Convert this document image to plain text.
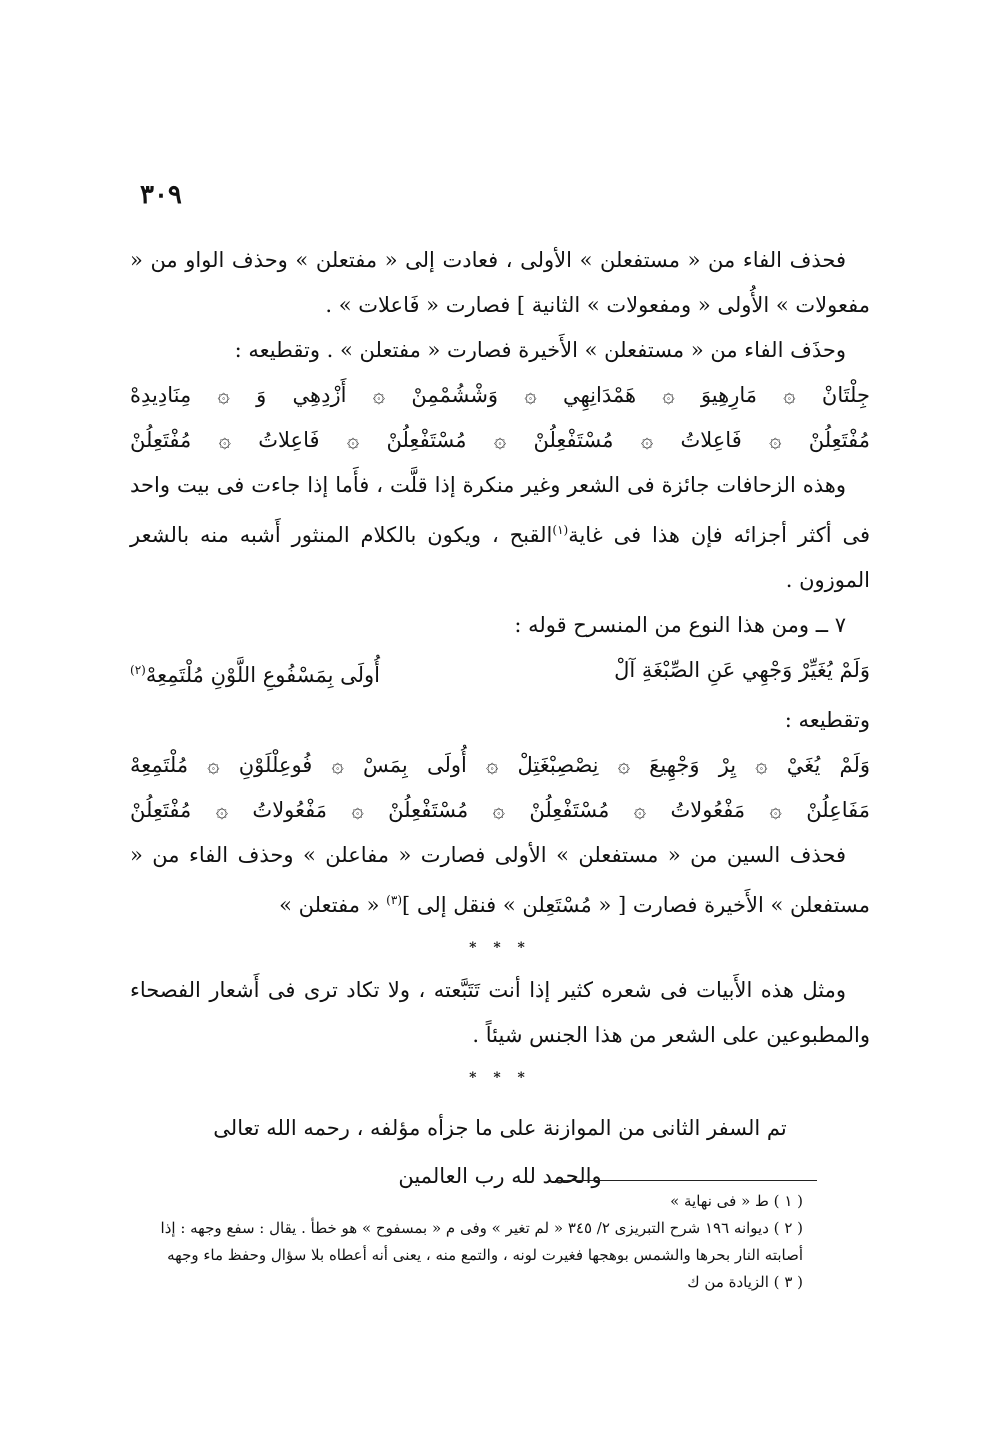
٣٠٩

فحذف الفاء من « مستفعلن » الأولى ، فعادت إلى « مفتعلن » وحذف الواو من « مفعولات » الأُولى « ومفعولات » الثانية ] فصارت « فَاعلات » .

وحذَف الفاء من « مستفعلن » الأَخيرة فصارت « مفتعلن » . وتقطيعه :

جِلْتَانْ ۞ مَارِهِيوَ ۞ هَمْدَانِهِي ۞ وَشْشُمْمِنْ ۞ أَزْدِهِي وَ ۞ مِنَادِيدِهْ
مُفْتَعِلُنْ ۞ فَاعِلاتُ ۞ مُسْتَفْعِلُنْ ۞ مُسْتَفْعِلُنْ ۞ فَاعِلاتُ ۞ مُفْتَعِلُنْ

وهذه الزحافات جائزة فى الشعر وغير منكرة إذا قلَّت ، فأَما إذا جاءت فى بيت واحد فى أكثر أجزائه فإن هذا فى غاية$^{(١)}$القبح ، ويكون بالكلام المنثور أَشبه منه بالشعر الموزون .

٧ ــ ومن هذا النوع من المنسرح قوله :

وَلَمْ يُغَيِّرْ وَجْهِي عَنِ الصِّبْغَةِ آلْ
أُولَى بِمَسْفُوعِ اللَّوْنِ مُلْتَمِعِهْ$^{(٢)}$

وتقطيعه :

وَلَمْ يُغَيْ ۞ يِرْ وَجْهِيعَ ۞ نِصْصِبْغَتِلْ ۞ أُولَى بِمَسْ ۞ فُوعِلْلَوْنِ ۞ مُلْتَمِعِهْ
مَفَاعِلُنْ ۞ مَفْعُولاتُ ۞ مُسْتَفْعِلُنْ ۞ مُسْتَفْعِلُنْ ۞ مَفْعُولاتُ ۞ مُفْتَعِلُنْ

فحذف السين من « مستفعلن » الأولى فصارت « مفاعلن » وحذف الفاء من « مستفعلن » الأَخيرة فصارت [ « مُسْتَعِلن » فنقل إلى ]$^{(٣)}$ « مفتعلن »

* * *

ومثل هذه الأَبيات فى شعره كثير إذا أنت تَتَبَّعته ، ولا تكاد ترى فى أَشعار الفصحاء والمطبوعين على الشعر من هذا الجنس شيئاً .

* * *
تم السفر الثانى من الموازنة على ما جزأه مؤلفه ، رحمه الله تعالى
والحمد لله رب العالمين

( ١ ) ط « فى نهاية »

( ٢ ) ديوانه ١٩٦ شرح التبريزى ٢/ ٣٤٥ « لم تغير » وفى م « بمسفوح » هو خطأ . يقال : سفع وجهه : إذا أصابته النار بحرها والشمس بوهجها فغيرت لونه ، والتمع منه ، يعنى أنه أعطاه بلا سؤال وحفظ ماء وجهه

( ٣ ) الزيادة من ك
